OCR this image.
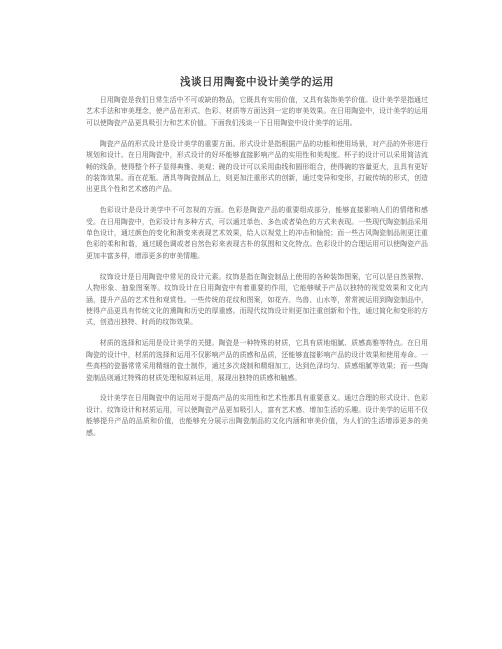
浅谈日用陶瓷中设计美学的运用

日用陶瓷是我们日常生活中不可或缺的物品，它既具有实用价值，又具有装饰美学价值。设计美学是指通过艺术手法和审美理念，使产品在形式、色彩、材质等方面达到一定的审美效果。在日用陶瓷中，设计美学的运用可以使陶瓷产品更具吸引力和艺术价值。下面我们浅谈一下日用陶瓷中设计美学的运用。

陶瓷产品的形式设计是设计美学的重要方面。形式设计是指根据产品的功能和使用场景，对产品的外形进行规划和设计。在日用陶瓷中，形式设计的好坏能够直接影响产品的实用性和美观度。杯子的设计可以采用简洁流畅的线条，使得整个杯子显得典雅、美观；碗的设计可以采用曲线和圆形组合，使得碗的容量更大，且具有更好的装饰效果。而在花瓶、酒具等陶瓷制品上，则更加注重形式的创新，通过变异和变形，打破传统的形式，创造出更具个性和艺术感的产品。

色彩设计是设计美学中不可忽视的方面。色彩是陶瓷产品的重要组成部分，能够直接影响人们的情绪和感受。在日用陶瓷中，色彩设计有多种方式，可以通过单色、多色或者染色的方式来表现。一些现代陶瓷制品采用单色设计，通过颜色的变化和渐变来表现艺术效果，给人以视觉上的冲击和愉悦；而一些古风陶瓷制品则更注重色彩的柔和和谐，通过暖色调或者自然色彩来表现古朴的氛围和文化特点。色彩设计的合理运用可以使陶瓷产品更加丰富多样，增添更多的审美情趣。

纹饰设计是日用陶瓷中常见的设计元素。纹饰是指在陶瓷制品上使用的各种装饰图案，它可以是自然景物、人物形象、抽象图案等。纹饰设计在日用陶瓷中有着重要的作用，它能够赋予产品以独特的视觉效果和文化内涵，提升产品的艺术性和观赏性。一些传统的花纹和图案，如花卉、鸟兽、山水等，常常被运用到陶瓷制品中，使得产品更具有传统文化的熏陶和历史的厚重感。而现代纹饰设计则更加注重创新和个性，通过简化和变形的方式，创造出独特、时尚的纹饰效果。

材质的选择和运用是设计美学的关键。陶瓷是一种特殊的材质，它具有质地细腻、质感高雅等特点。在日用陶瓷的设计中，材质的选择和运用不仅影响产品的质感和品质，还能够直接影响产品的设计效果和使用寿命。一些高档的瓷器常常采用精细的瓷土制作，通过多次烧制和精细加工，达到色泽均匀、质感细腻等效果；而一些陶瓷制品则通过特殊的材质处理和原料运用，展现出独特的质感和触感。

设计美学在日用陶瓷中的运用对于提高产品的实用性和艺术性都具有重要意义。通过合理的形式设计、色彩设计、纹饰设计和材质运用，可以使陶瓷产品更加吸引人，富有艺术感、增加生活的乐趣。设计美学的运用不仅能够提升产品的品质和价值，也能够充分展示出陶瓷制品的文化内涵和审美价值，为人们的生活增添更多的美感。
